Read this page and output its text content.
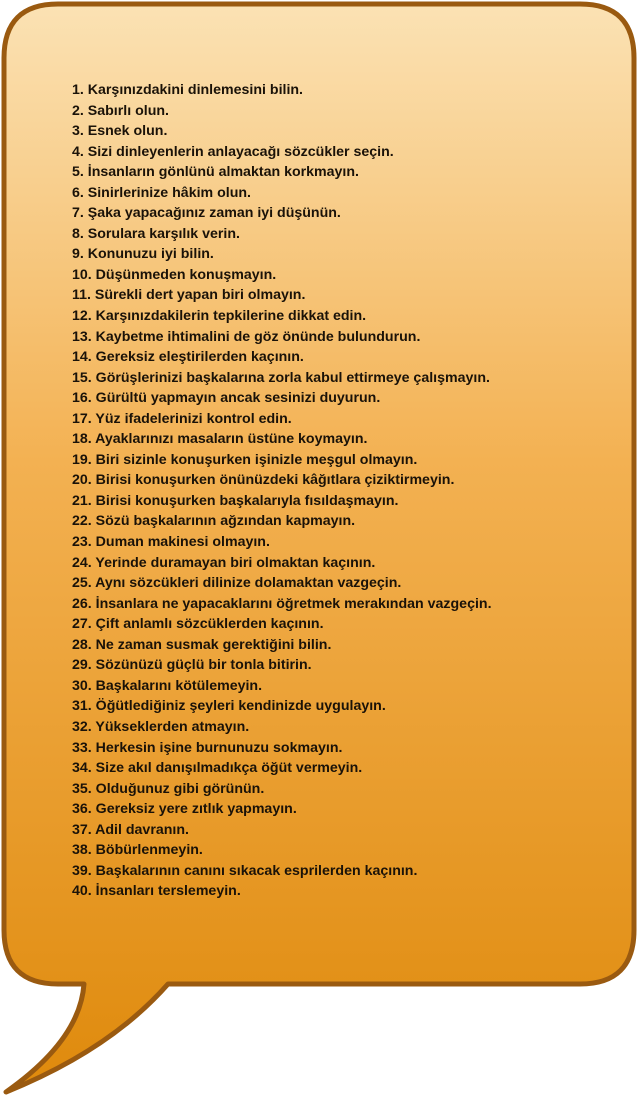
1. Karşınızdakini dinlemesini bilin.
2. Sabırlı olun.
3. Esnek olun.
4. Sizi dinleyenlerin anlayacağı sözcükler seçin.
5. İnsanların gönlünü almaktan korkmayın.
6. Sinirlerinize hâkim olun.
7. Şaka yapacağınız zaman iyi düşünün.
8. Sorulara karşılık verin.
9. Konunuzu iyi bilin.
10. Düşünmeden konuşmayın.
11. Sürekli dert yapan biri olmayın.
12. Karşınızdakilerin tepkilerine dikkat edin.
13. Kaybetme ihtimalini de göz önünde bulundurun.
14. Gereksiz eleştirilerden kaçının.
15. Görüşlerinizi başkalarına zorla kabul ettirmeye çalışmayın.
16. Gürültü yapmayın ancak sesinizi duyurun.
17. Yüz ifadelerinizi kontrol edin.
18. Ayaklarınızı masaların üstüne koymayın.
19. Biri sizinle konuşurken işinizle meşgul olmayın.
20. Birisi konuşurken önünüzdeki kâğıtlara çiziktirmeyin.
21. Birisi konuşurken başkalarıyla fısıldaşmayın.
22. Sözü başkalarının ağzından kapmayın.
23. Duman makinesi olmayın.
24. Yerinde duramayan biri olmaktan kaçının.
25. Aynı sözcükleri dilinize dolamaktan vazgeçin.
26. İnsanlara ne yapacaklarını öğretmek merakından vazgeçin.
27. Çift anlamlı sözcüklerden kaçının.
28. Ne zaman susmak gerektiğini bilin.
29. Sözünüzü güçlü bir tonla bitirin.
30. Başkalarını kötülemeyin.
31. Öğütlediğiniz şeyleri kendinizde uygulayın.
32. Yükseklerden atmayın.
33. Herkesin işine burnunuzu sokmayın.
34. Size akıl danışılmadıkça öğüt vermeyin.
35. Olduğunuz gibi görünün.
36. Gereksiz yere zıtlık yapmayın.
37. Adil davranın.
38. Böbürlenmeyin.
39. Başkalarının canını sıkacak esprilerden kaçının.
40. İnsanları terslemeyin.
